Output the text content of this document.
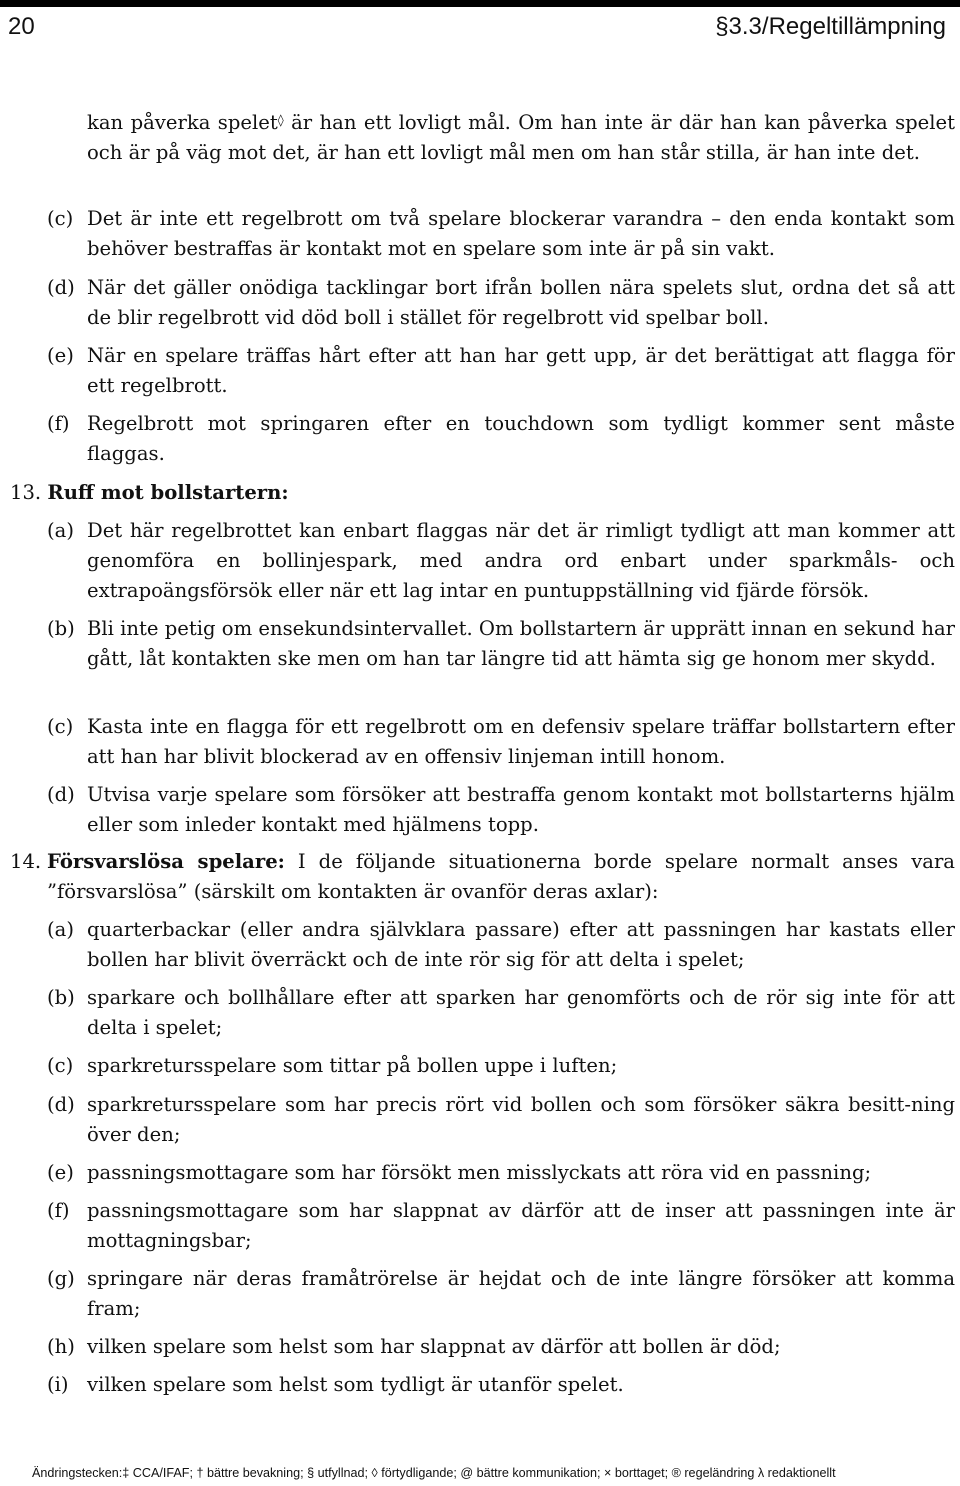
20	§3.3/Regeltillämpning

kan påverka spelet◊ är han ett lovligt mål. Om han inte är där han kan påverka spelet och är på väg mot det, är han ett lovligt mål men om han står stilla, är han inte det.

(c) Det är inte ett regelbrott om två spelare blockerar varandra – den enda kontakt som behöver bestraffas är kontakt mot en spelare som inte är på sin vakt.

(d) När det gäller onödiga tacklingar bort ifrån bollen nära spelets slut, ordna det så att de blir regelbrott vid död boll i stället för regelbrott vid spelbar boll.

(e) När en spelare träffas hårt efter att han har gett upp, är det berättigat att flagga för ett regelbrott.

(f) Regelbrott mot springaren efter en touchdown som tydligt kommer sent måste flaggas.

13. Ruff mot bollstartern:

(a) Det här regelbrottet kan enbart flaggas när det är rimligt tydligt att man kommer att genomföra en bollinjespark, med andra ord enbart under sparkmåls- och extrapoängsförsök eller när ett lag intar en puntuppställning vid fjärde försök.

(b) Bli inte petig om ensekundsintervallet. Om bollstartern är upprätt innan en sekund har gått, låt kontakten ske men om han tar längre tid att hämta sig ge honom mer skydd.

(c) Kasta inte en flagga för ett regelbrott om en defensiv spelare träffar bollstartern efter att han har blivit blockerad av en offensiv linjeman intill honom.

(d) Utvisa varje spelare som försöker att bestraffa genom kontakt mot bollstarterns hjälm eller som inleder kontakt med hjälmens topp.

14. Försvarslösa spelare: I de följande situationerna borde spelare normalt anses vara ”försvarslösa” (särskilt om kontakten är ovanför deras axlar):

(a) quarterbackar (eller andra självklara passare) efter att passningen har kastats eller bollen har blivit överräckt och de inte rör sig för att delta i spelet;

(b) sparkare och bollhållare efter att sparken har genomförts och de rör sig inte för att delta i spelet;

(c) sparkretursspelare som tittar på bollen uppe i luften;

(d) sparkretursspelare som har precis rört vid bollen och som försöker säkra besitt-ning över den;

(e) passningsmottagare som har försökt men misslyckats att röra vid en passning;

(f) passningsmottagare som har slappnat av därför att de inser att passningen inte är mottagningsbar;

(g) springare när deras framåtrörelse är hejdat och de inte längre försöker att komma fram;

(h) vilken spelare som helst som har slappnat av därför att bollen är död;

(i) vilken spelare som helst som tydligt är utanför spelet.

Ändringstecken:‡ CCA/IFAF; † bättre bevakning; § utfyllnad; ◊ förtydligande; @ bättre kommunikation; × borttaget; ® regeländring λ redaktionellt
